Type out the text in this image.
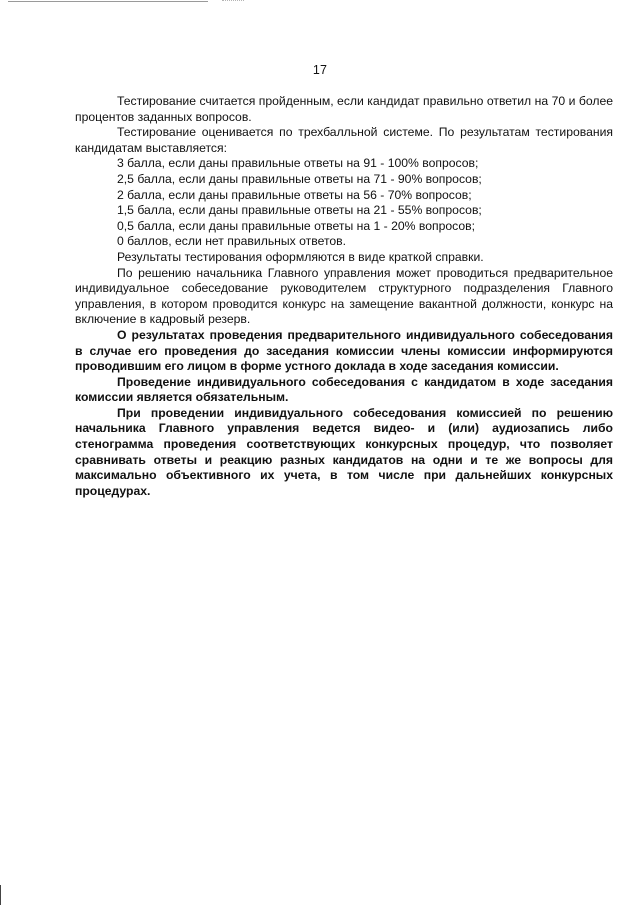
17

Тестирование считается пройденным, если кандидат правильно ответил на 70 и более процентов заданных вопросов.

Тестирование оценивается по трехбалльной системе. По результатам тестирования кандидатам выставляется:

3 балла, если даны правильные ответы на 91 - 100% вопросов;

2,5 балла, если даны правильные ответы на 71 - 90% вопросов;

2 балла, если даны правильные ответы на 56 - 70% вопросов;

1,5 балла, если даны правильные ответы на 21 - 55% вопросов;

0,5 балла, если даны правильные ответы на 1 - 20% вопросов;

0 баллов, если нет правильных ответов.

Результаты тестирования оформляются в виде краткой справки.

По решению начальника Главного управления может проводиться предварительное индивидуальное собеседование руководителем структурного подразделения Главного управления, в котором проводится конкурс на замещение вакантной должности, конкурс на включение в кадровый резерв.

О результатах проведения предварительного индивидуального собеседования в случае его проведения до заседания комиссии члены комиссии информируются проводившим его лицом в форме устного доклада в ходе заседания комиссии.

Проведение индивидуального собеседования с кандидатом в ходе заседания комиссии является обязательным.

При проведении индивидуального собеседования комиссией по решению начальника Главного управления ведется видео- и (или) аудиозапись либо стенограмма проведения соответствующих конкурсных процедур, что позволяет сравнивать ответы и реакцию разных кандидатов на одни и те же вопросы для максимально объективного их учета, в том числе при дальнейших конкурсных процедурах.
